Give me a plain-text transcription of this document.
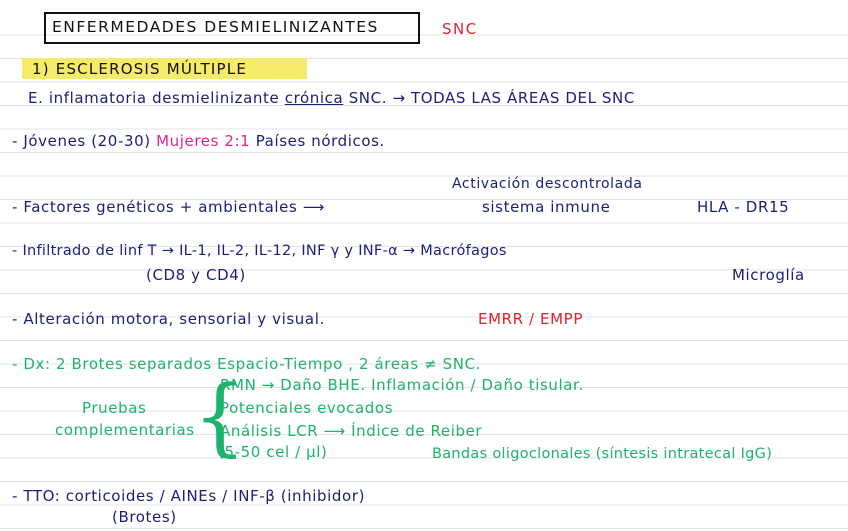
ENFERMEDADES DESMIELINIZANTES	SNC
1) ESCLEROSIS MÚLTIPLE
E. inflamatoria desmielinizante crónica SNC. → TODAS LAS ÁREAS DEL SNC
- Jóvenes (20-30) Mujeres 2:1 Países nórdicos.
Activación descontrolada
- Factores genéticos + ambientales ⟶	sistema inmune	HLA - DR15
- Infiltrado de linf T → IL-1, IL-2, IL-12, INF γ y INF-α → Macrófagos
(CD8 y CD4)	Microglía
- Alteración motora, sensorial y visual.	EMRR / EMPP
- Dx: 2 Brotes separados Espacio-Tiempo , 2 áreas ≠ SNC.
Pruebas
complementarias
{
RMN → Daño BHE. Inflamación / Daño tisular.
Potenciales evocados
Análisis LCR ⟶ Índice de Reiber
(5-50 cel / µl)	Bandas oligoclonales (síntesis intratecal IgG)
- TTO: corticoides / AINEs / INF-β (inhibidor)
(Brotes)
